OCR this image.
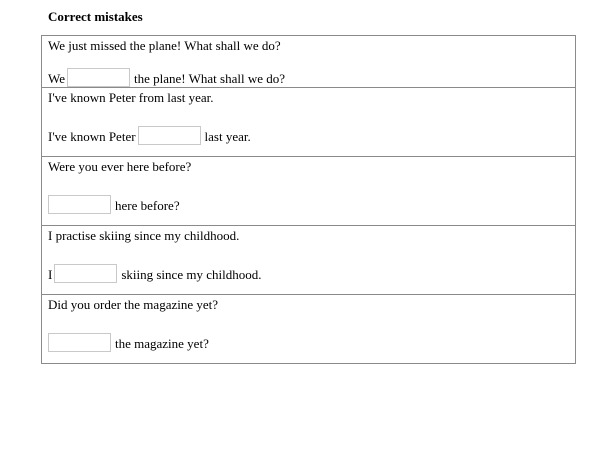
Correct mistakes
We just missed the plane! What shall we do?
We	the plane! What shall we do?
I've known Peter from last year.
I've known Peter	last year.
Were you ever here before?
here before?
I practise skiing since my childhood.
I	skiing since my childhood.
Did you order the magazine yet?
the magazine yet?
